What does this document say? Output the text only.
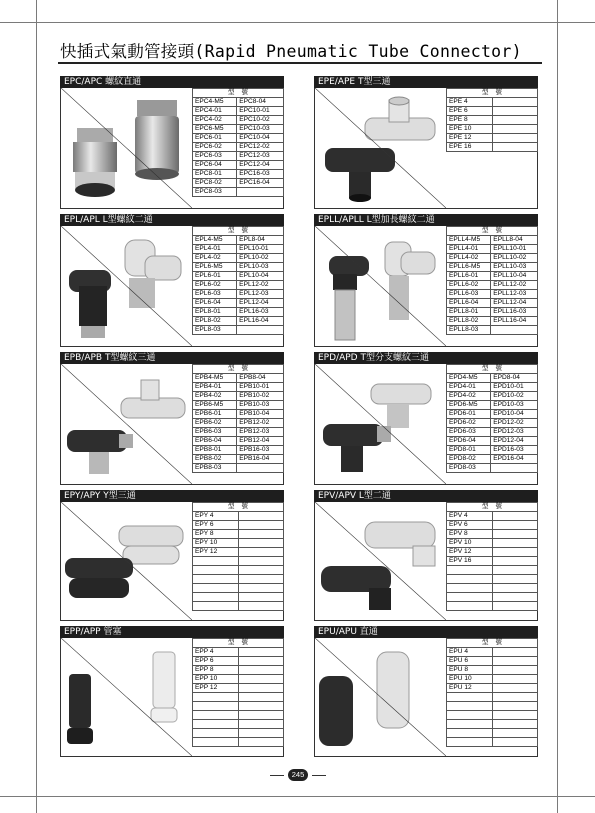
快插式氣動管接頭(Rapid Pneumatic Tube Connector)
EPC/APC 螺紋直通
型　號	
EPC4-M5	EPC8-04
EPC4-01	EPC10-01
EPC4-02	EPC10-02
EPC6-M5	EPC10-03
EPC6-01	EPC10-04
EPC6-02	EPC12-02
EPC6-03	EPC12-03
EPC6-04	EPC12-04
EPC8-01	EPC16-03
EPC8-02	EPC16-04
EPC8-03	
EPE/APE T型三通
型　號	
EPE 4	
EPE 6	
EPE 8	
EPE 10	
EPE 12	
EPE 16	
EPL/APL L型螺紋二通
型　號	
EPL4-M5	EPL8-04
EPL4-01	EPL10-01
EPL4-02	EPL10-02
EPL6-M5	EPL10-03
EPL6-01	EPL10-04
EPL6-02	EPL12-02
EPL6-03	EPL12-03
EPL6-04	EPL12-04
EPL8-01	EPL16-03
EPL8-02	EPL16-04
EPL8-03	
EPLL/APLL L型加長螺紋二通
型　號	
EPLL4-M5	EPLL8-04
EPLL4-01	EPLL10-01
EPLL4-02	EPLL10-02
EPLL6-M5	EPLL10-03
EPLL6-01	EPLL10-04
EPLL6-02	EPLL12-02
EPLL6-03	EPLL12-03
EPLL6-04	EPLL12-04
EPLL8-01	EPLL16-03
EPLL8-02	EPLL16-04
EPLL8-03	
EPB/APB T型螺紋三通
型　號	
EPB4-M5	EPB8-04
EPB4-01	EPB10-01
EPB4-02	EPB10-02
EPB6-M5	EPB10-03
EPB6-01	EPB10-04
EPB6-02	EPB12-02
EPB6-03	EPB12-03
EPB6-04	EPB12-04
EPB8-01	EPB16-03
EPB8-02	EPB16-04
EPB8-03	
EPD/APD T型分支螺紋三通
型　號	
EPD4-M5	EPD8-04
EPD4-01	EPD10-01
EPD4-02	EPD10-02
EPD6-M5	EPD10-03
EPD6-01	EPD10-04
EPD6-02	EPD12-02
EPD6-03	EPD12-03
EPD6-04	EPD12-04
EPD8-01	EPD16-03
EPD8-02	EPD16-04
EPD8-03	
EPY/APY Y型三通
型　號	
EPY 4	
EPY 6	
EPY 8	
EPY 10	
EPY 12	

EPV/APV L型二通
型　號	
EPV 4	
EPV 6	
EPV 8	
EPV 10	
EPV 12	
EPV 16	

EPP/APP 管塞
型　號	
EPP 4	
EPP 6	
EPP 8	
EPP 10	
EPP 12	

EPU/APU 直通
型　號	
EPU 4	
EPU 6	
EPU 8	
EPU 10	
EPU 12	

245
